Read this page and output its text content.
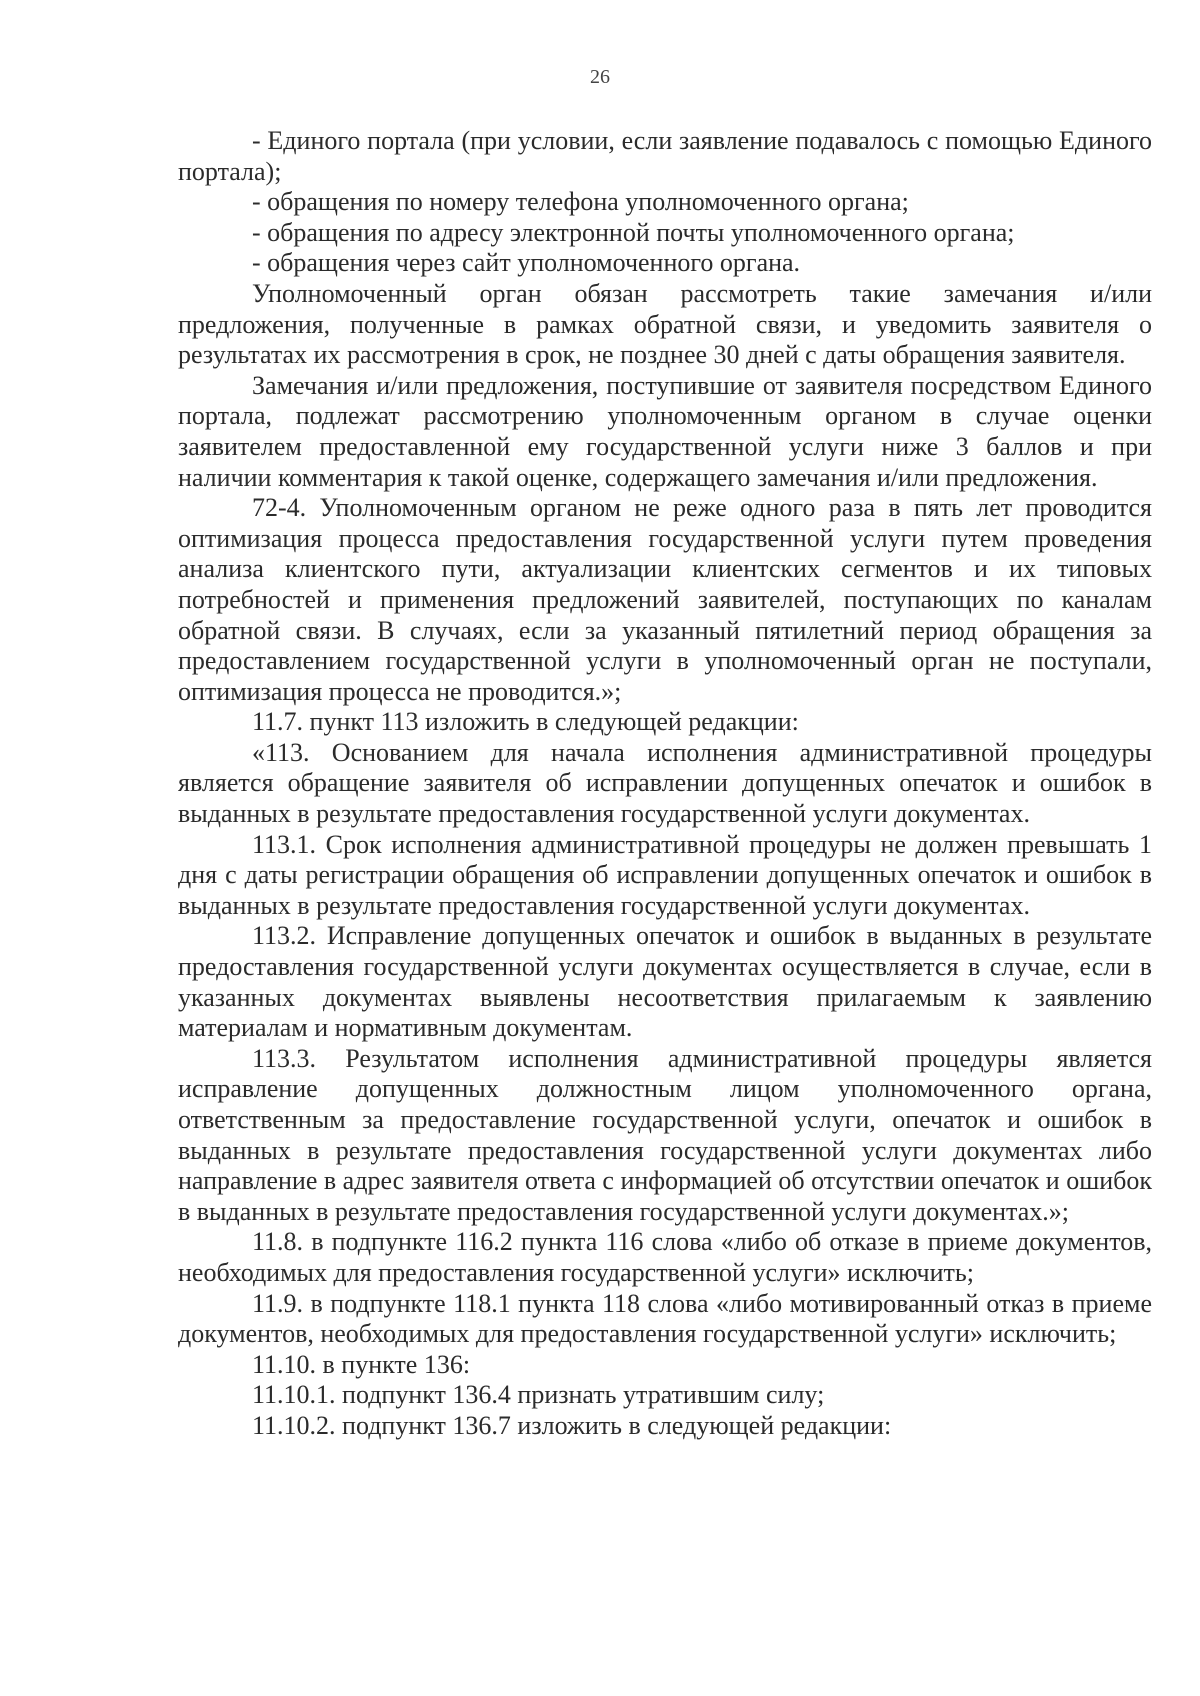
26

- Единого портала (при условии, если заявление подавалось с помощью Единого портала);

- обращения по номеру телефона уполномоченного органа;

- обращения по адресу электронной почты уполномоченного органа;

- обращения через сайт уполномоченного органа.

Уполномоченный орган обязан рассмотреть такие замечания и/или предложения, полученные в рамках обратной связи, и уведомить заявителя о результатах их рассмотрения в срок, не позднее 30 дней с даты обращения заявителя.

Замечания и/или предложения, поступившие от заявителя посредством Единого портала, подлежат рассмотрению уполномоченным органом в случае оценки заявителем предоставленной ему государственной услуги ниже 3 баллов и при наличии комментария к такой оценке, содержащего замечания и/или предложения.

72-4. Уполномоченным органом не реже одного раза в пять лет проводится оптимизация процесса предоставления государственной услуги путем проведения анализа клиентского пути, актуализации клиентских сегментов и их типовых потребностей и применения предложений заявителей, поступающих по каналам обратной связи. В случаях, если за указанный пятилетний период обращения за предоставлением государственной услуги в уполномоченный орган не поступали, оптимизация процесса не проводится.»;

11.7. пункт 113 изложить в следующей редакции:

«113. Основанием для начала исполнения административной процедуры является обращение заявителя об исправлении допущенных опечаток и ошибок в выданных в результате предоставления государственной услуги документах.

113.1. Срок исполнения административной процедуры не должен превышать 1 дня с даты регистрации обращения об исправлении допущенных опечаток и ошибок в выданных в результате предоставления государственной услуги документах.

113.2. Исправление допущенных опечаток и ошибок в выданных в результате предоставления государственной услуги документах осуществляется в случае, если в указанных документах выявлены несоответствия прилагаемым к заявлению материалам и нормативным документам.

113.3. Результатом исполнения административной процедуры является исправление допущенных должностным лицом уполномоченного органа, ответственным за предоставление государственной услуги, опечаток и ошибок в выданных в результате предоставления государственной услуги документах либо направление в адрес заявителя ответа с информацией об отсутствии опечаток и ошибок в выданных в результате предоставления государственной услуги документах.»;

11.8. в подпункте 116.2 пункта 116 слова «либо об отказе в приеме документов, необходимых для предоставления государственной услуги» исключить;

11.9. в подпункте 118.1 пункта 118 слова «либо мотивированный отказ в приеме документов, необходимых для предоставления государственной услуги» исключить;

11.10. в пункте 136:

11.10.1. подпункт 136.4 признать утратившим силу;

11.10.2. подпункт 136.7 изложить в следующей редакции:
